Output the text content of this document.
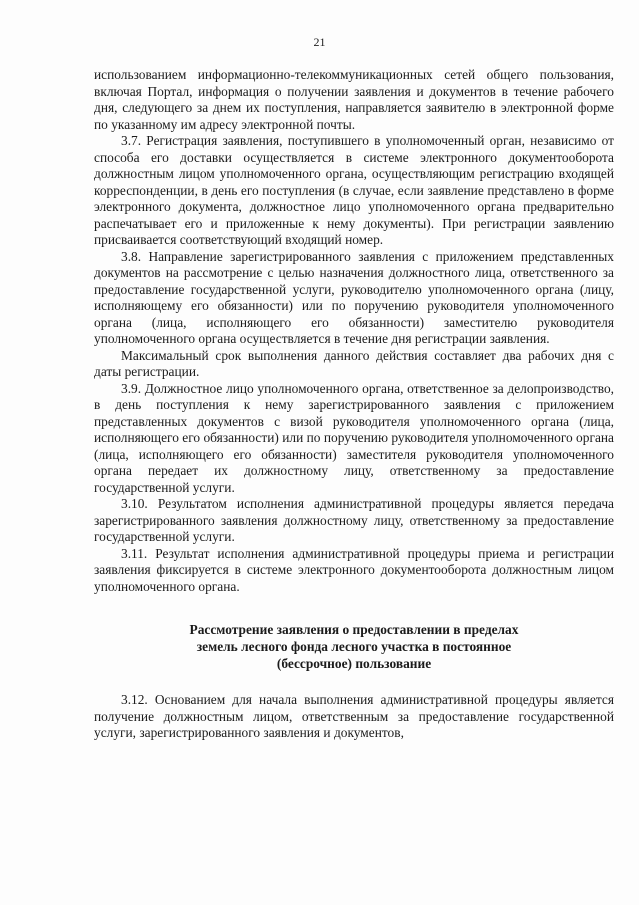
21

использованием информационно-телекоммуникационных сетей общего пользования, включая Портал, информация о получении заявления и документов в течение рабочего дня, следующего за днем их поступления, направляется заявителю в электронной форме по указанному им адресу электронной почты.

3.7. Регистрация заявления, поступившего в уполномоченный орган, независимо от способа его доставки осуществляется в системе электронного документооборота должностным лицом уполномоченного органа, осуществляющим регистрацию входящей корреспонденции, в день его поступления (в случае, если заявление представлено в форме электронного документа, должностное лицо уполномоченного органа предварительно распечатывает его и приложенные к нему документы). При регистрации заявлению присваивается соответствующий входящий номер.

3.8. Направление зарегистрированного заявления с приложением представленных документов на рассмотрение с целью назначения должностного лица, ответственного за предоставление государственной услуги, руководителю уполномоченного органа (лицу, исполняющему его обязанности) или по поручению руководителя уполномоченного органа (лица, исполняющего его обязанности) заместителю руководителя уполномоченного органа осуществляется в течение дня регистрации заявления.

Максимальный срок выполнения данного действия составляет два рабочих дня с даты регистрации.

3.9. Должностное лицо уполномоченного органа, ответственное за делопроизводство, в день поступления к нему зарегистрированного заявления с приложением представленных документов с визой руководителя уполномоченного органа (лица, исполняющего его обязанности) или по поручению руководителя уполномоченного органа (лица, исполняющего его обязанности) заместителя руководителя уполномоченного органа передает их должностному лицу, ответственному за предоставление государственной услуги.

3.10. Результатом исполнения административной процедуры является передача зарегистрированного заявления должностному лицу, ответственному за предоставление государственной услуги.

3.11. Результат исполнения административной процедуры приема и регистрации заявления фиксируется в системе электронного документооборота должностным лицом уполномоченного органа.

Рассмотрение заявления о предоставлении в пределах
земель лесного фонда лесного участка в постоянное
(бессрочное) пользование

3.12. Основанием для начала выполнения административной процедуры является получение должностным лицом, ответственным за предоставление государственной услуги, зарегистрированного заявления и документов,
